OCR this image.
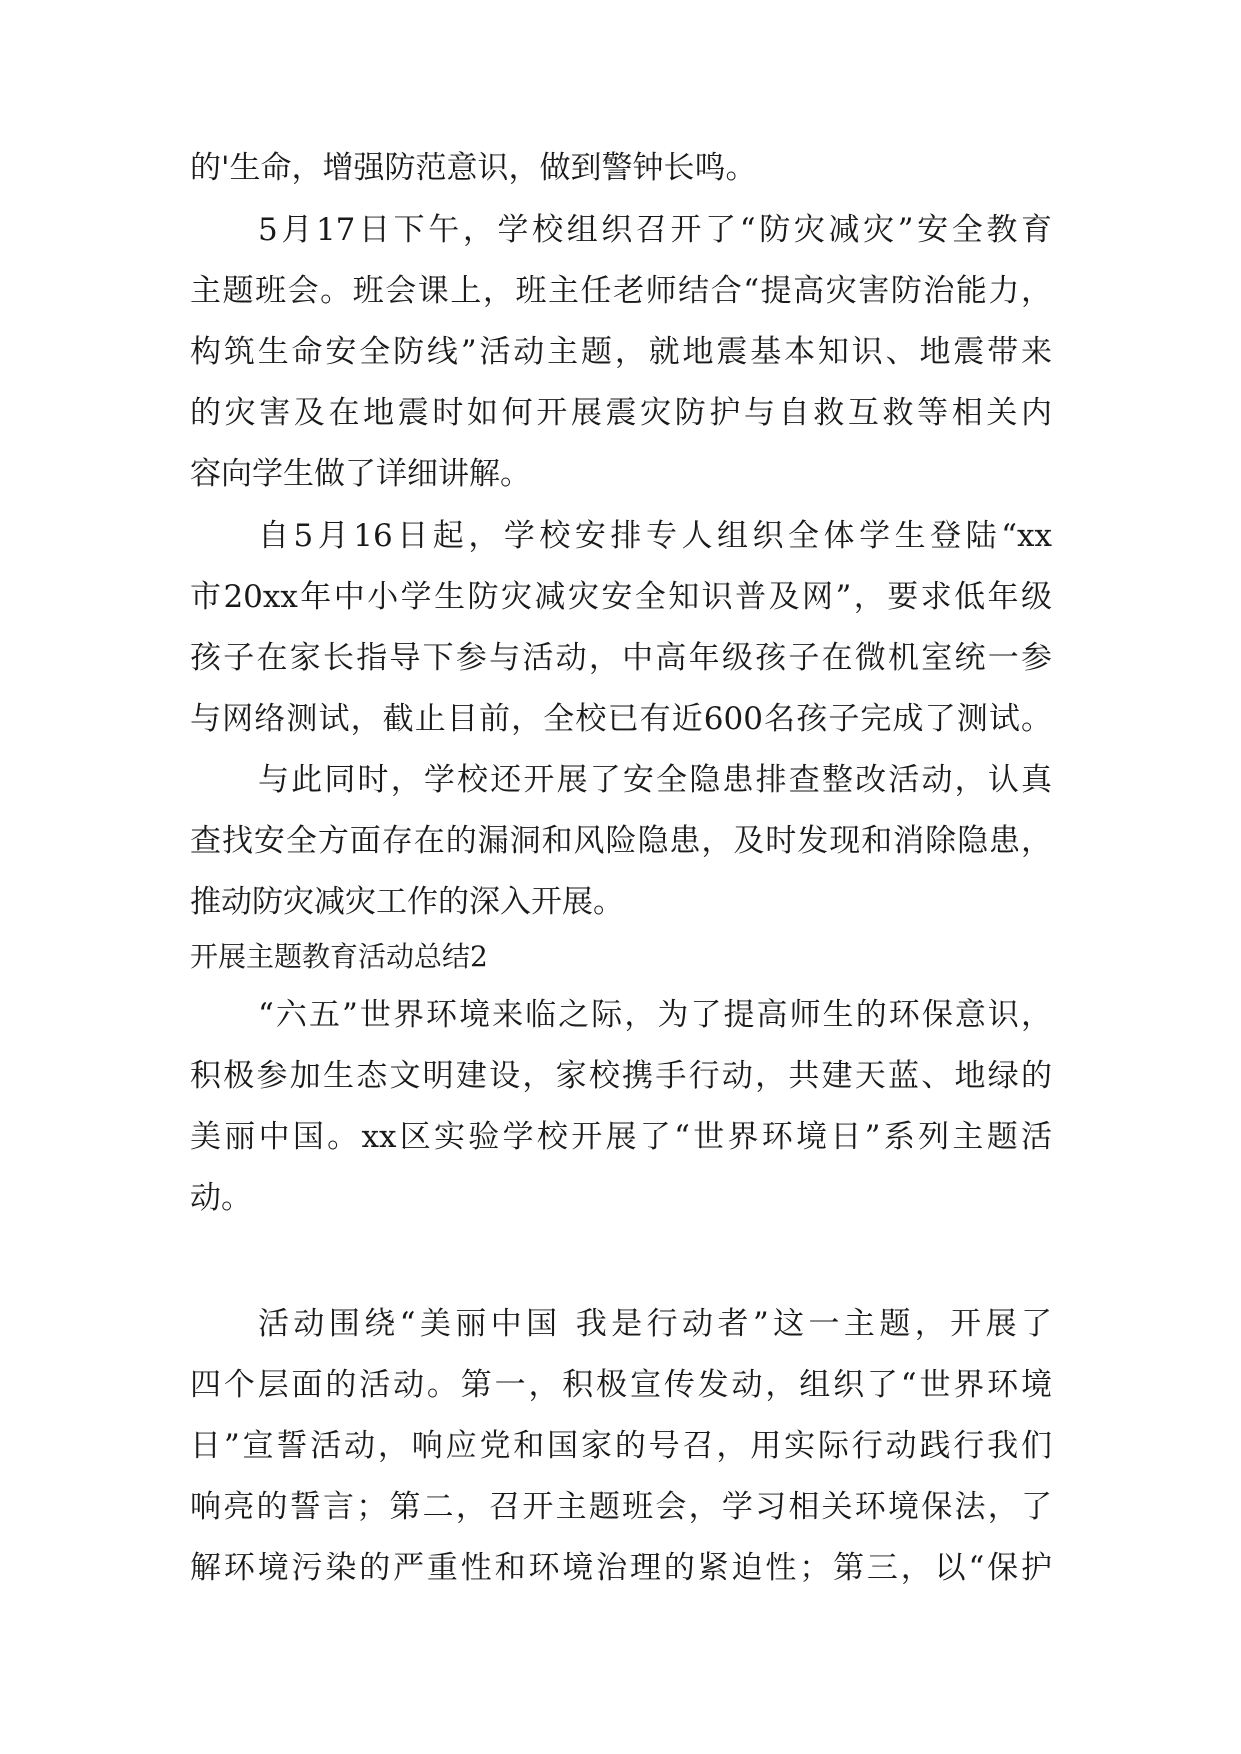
的'生命，增强防范意识，做到警钟长鸣。
5月17日下午，学校组织召开了“防灾减灾”安全教育
主题班会。班会课上，班主任老师结合“提高灾害防治能力，
构筑生命安全防线”活动主题，就地震基本知识、地震带来
的灾害及在地震时如何开展震灾防护与自救互救等相关内
容向学生做了详细讲解。
自5月16日起，学校安排专人组织全体学生登陆“xx
市20xx年中小学生防灾减灾安全知识普及网”，要求低年级
孩子在家长指导下参与活动，中高年级孩子在微机室统一参
与网络测试，截止目前，全校已有近600名孩子完成了测试。
与此同时，学校还开展了安全隐患排查整改活动，认真
查找安全方面存在的漏洞和风险隐患，及时发现和消除隐患，
推动防灾减灾工作的深入开展。
开展主题教育活动总结2
“六五”世界环境来临之际，为了提高师生的环保意识，
积极参加生态文明建设，家校携手行动，共建天蓝、地绿的
美丽中国。xx区实验学校开展了“世界环境日”系列主题活
动。
活动围绕“美丽中国 我是行动者”这一主题，开展了
四个层面的活动。第一，积极宣传发动，组织了“世界环境
日”宣誓活动，响应党和国家的号召，用实际行动践行我们
响亮的誓言；第二，召开主题班会，学习相关环境保法，了
解环境污染的严重性和环境治理的紧迫性；第三，以“保护
